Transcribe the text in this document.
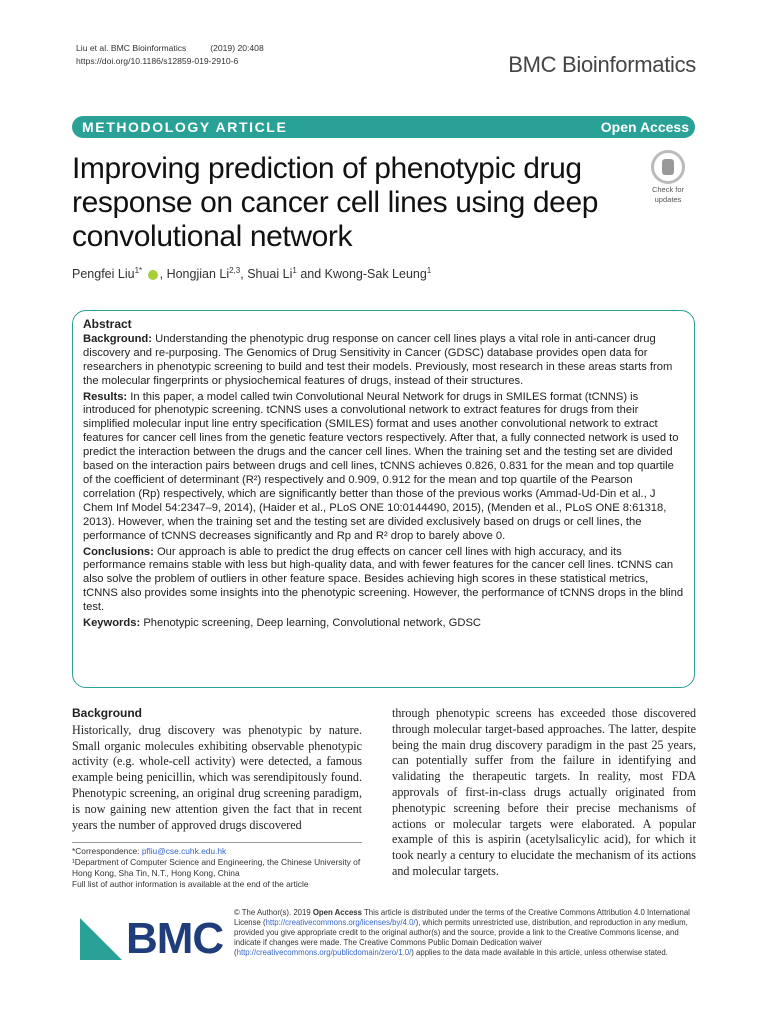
Liu et al. BMC Bioinformatics	(2019) 20:408
https://doi.org/10.1186/s12859-019-2910-6	BMC Bioinformatics
METHODOLOGY ARTICLE	Open Access
Improving prediction of phenotypic drug response on cancer cell lines using deep convolutional network
Check for
updates
Pengfei Liu$^{1*}$ , Hongjian Li$^{2,3}$, Shuai Li$^1$ and Kwong-Sak Leung$^1$
Abstract

Background: Understanding the phenotypic drug response on cancer cell lines plays a vital role in anti-cancer drug discovery and re-purposing. The Genomics of Drug Sensitivity in Cancer (GDSC) database provides open data for researchers in phenotypic screening to build and test their models. Previously, most research in these areas starts from the molecular fingerprints or physiochemical features of drugs, instead of their structures.

Results: In this paper, a model called twin Convolutional Neural Network for drugs in SMILES format (tCNNS) is introduced for phenotypic screening. tCNNS uses a convolutional network to extract features for drugs from their simplified molecular input line entry specification (SMILES) format and uses another convolutional network to extract features for cancer cell lines from the genetic feature vectors respectively. After that, a fully connected network is used to predict the interaction between the drugs and the cancer cell lines. When the training set and the testing set are divided based on the interaction pairs between drugs and cell lines, tCNNS achieves 0.826, 0.831 for the mean and top quartile of the coefficient of determinant (R²) respectively and 0.909, 0.912 for the mean and top quartile of the Pearson correlation (Rp) respectively, which are significantly better than those of the previous works (Ammad-Ud-Din et al., J Chem Inf Model 54:2347–9, 2014), (Haider et al., PLoS ONE 10:0144490, 2015), (Menden et al., PLoS ONE 8:61318, 2013). However, when the training set and the testing set are divided exclusively based on drugs or cell lines, the performance of tCNNS decreases significantly and Rp and R² drop to barely above 0.

Conclusions: Our approach is able to predict the drug effects on cancer cell lines with high accuracy, and its performance remains stable with less but high-quality data, and with fewer features for the cancer cell lines. tCNNS can also solve the problem of outliers in other feature space. Besides achieving high scores in these statistical metrics, tCNNS also provides some insights into the phenotypic screening. However, the performance of tCNNS drops in the blind test.

Keywords: Phenotypic screening, Deep learning, Convolutional network, GDSC

Background
Historically, drug discovery was phenotypic by nature. Small organic molecules exhibiting observable phenotypic activity (e.g. whole-cell activity) were detected, a famous example being penicillin, which was serendipitously found. Phenotypic screening, an original drug screening paradigm, is now gaining new attention given the fact that in recent years the number of approved drugs discovered
through phenotypic screens has exceeded those discovered through molecular target-based approaches. The latter, despite being the main drug discovery paradigm in the past 25 years, can potentially suffer from the failure in identifying and validating the therapeutic targets. In reality, most FDA approvals of first-in-class drugs actually originated from phenotypic screening before their precise mechanisms of actions or molecular targets were elaborated. A popular example of this is aspirin (acetylsalicylic acid), for which it took nearly a century to elucidate the mechanism of its actions and molecular targets.
*Correspondence: pfliu@cse.cuhk.edu.hk
¹Department of Computer Science and Engineering, the Chinese University of Hong Kong, Sha Tin, N.T., Hong Kong, China
Full list of author information is available at the end of the article
BMC
© The Author(s). 2019 Open Access This article is distributed under the terms of the Creative Commons Attribution 4.0 International License (http://creativecommons.org/licenses/by/4.0/), which permits unrestricted use, distribution, and reproduction in any medium, provided you give appropriate credit to the original author(s) and the source, provide a link to the Creative Commons license, and indicate if changes were made. The Creative Commons Public Domain Dedication waiver (http://creativecommons.org/publicdomain/zero/1.0/) applies to the data made available in this article, unless otherwise stated.
